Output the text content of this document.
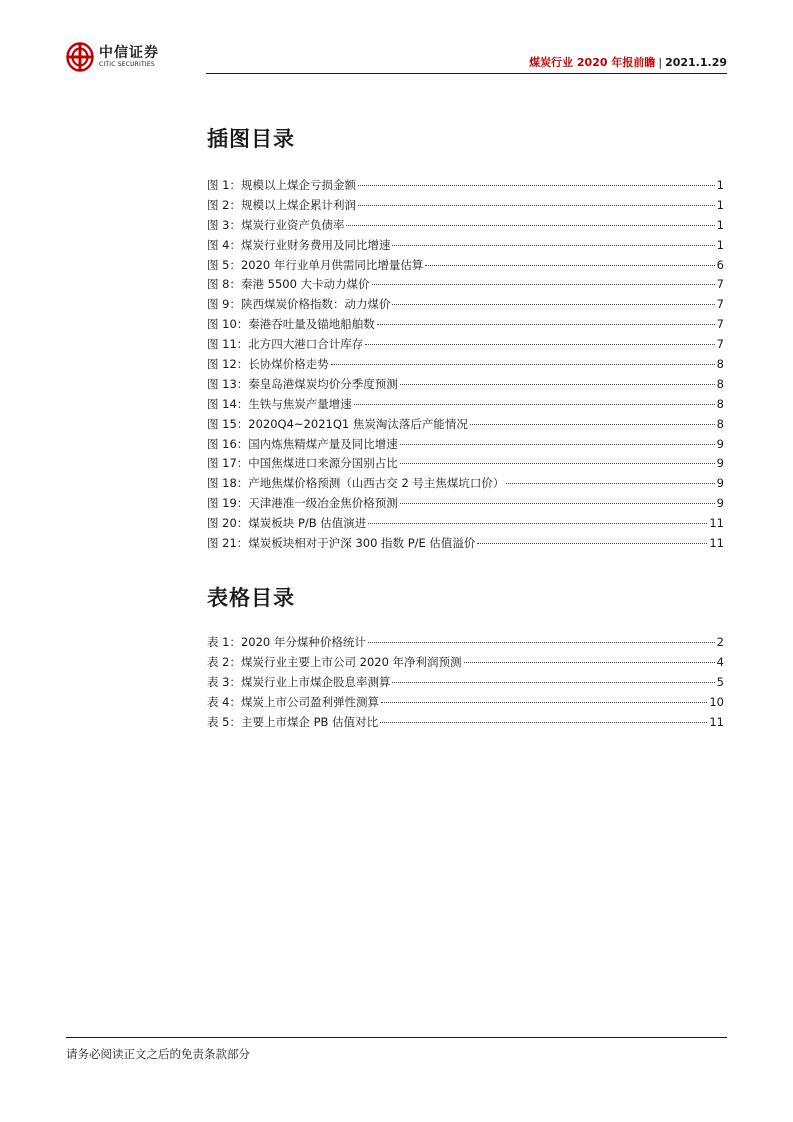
中信证券
CITIC SECURITIES	煤炭行业 2020 年报前瞻 | 2021.1.29
插图目录
图 1：规模以上煤企亏损金额	1
图 2：规模以上煤企累计利润	1
图 3：煤炭行业资产负债率	1
图 4：煤炭行业财务费用及同比增速	1
图 5：2020 年行业单月供需同比增量估算	6
图 8：秦港 5500 大卡动力煤价	7
图 9：陕西煤炭价格指数：动力煤价	7
图 10：秦港吞吐量及锚地船舶数	7
图 11：北方四大港口合计库存	7
图 12：长协煤价格走势	8
图 13：秦皇岛港煤炭均价分季度预测	8
图 14：生铁与焦炭产量增速	8
图 15：2020Q4~2021Q1 焦炭淘汰落后产能情况	8
图 16：国内炼焦精煤产量及同比增速	9
图 17：中国焦煤进口来源分国别占比	9
图 18：产地焦煤价格预测（山西古交 2 号主焦煤坑口价）	9
图 19：天津港准一级冶金焦价格预测	9
图 20：煤炭板块 P/B 估值演进	11
图 21：煤炭板块相对于沪深 300 指数 P/E 估值溢价	11
表格目录
表 1：2020 年分煤种价格统计	2
表 2：煤炭行业主要上市公司 2020 年净利润预测	4
表 3：煤炭行业上市煤企股息率测算	5
表 4：煤炭上市公司盈利弹性测算	10
表 5：主要上市煤企 PB 估值对比	11
请务必阅读正文之后的免责条款部分
